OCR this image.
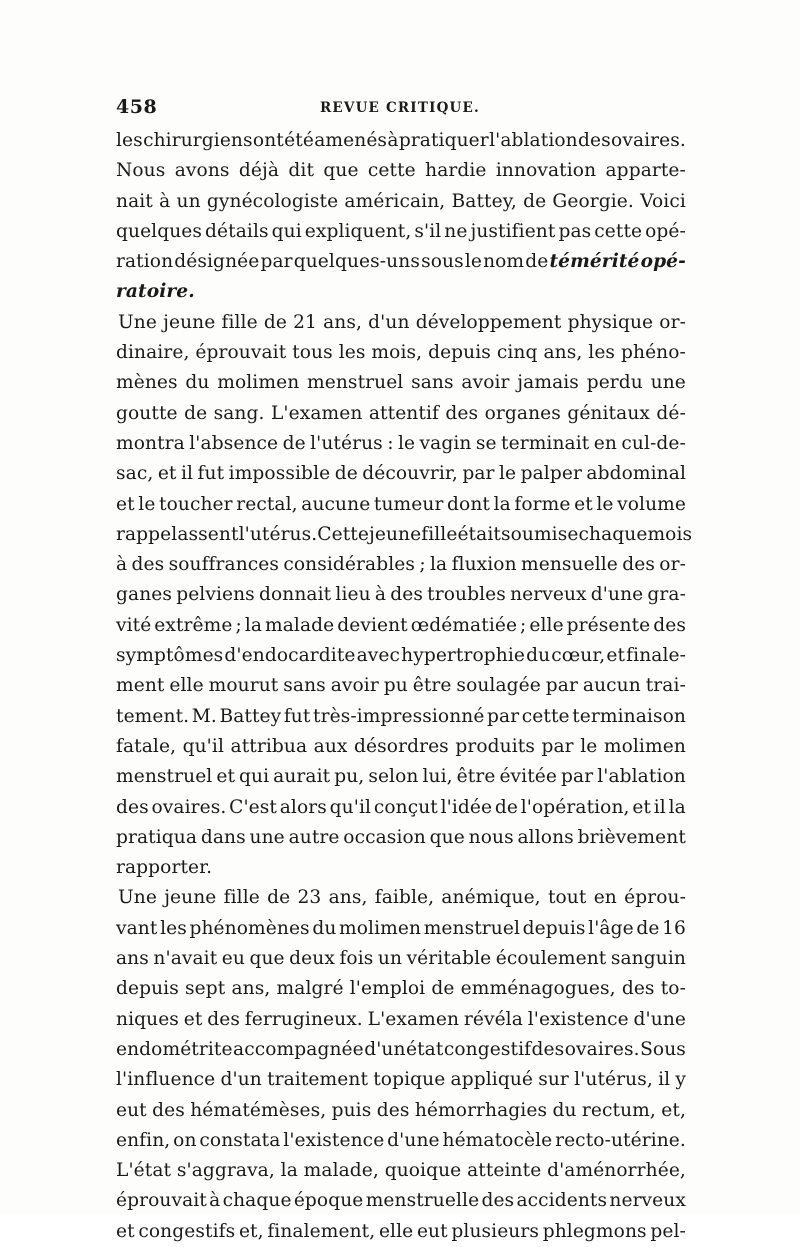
458	REVUE CRITIQUE.
les chirurgiens ont été amenés à pratiquer l'ablation des ovaires.
Nous avons déjà dit que cette hardie innovation apparte-
nait à un gynécologiste américain, Battey, de Georgie. Voici
quelques détails qui expliquent, s'il ne justifient pas cette opé-
ration désignée par quelques-uns sous le nom de témérité opé-
ratoire.
Une jeune fille de 21 ans, d'un développement physique or-
dinaire, éprouvait tous les mois, depuis cinq ans, les phéno-
mènes du molimen menstruel sans avoir jamais perdu une
goutte de sang. L'examen attentif des organes génitaux dé-
montra l'absence de l'utérus : le vagin se terminait en cul-de-
sac, et il fut impossible de découvrir, par le palper abdominal
et le toucher rectal, aucune tumeur dont la forme et le volume
rappelassent l'utérus. Cette jeune fille était soumise chaque mois
à des souffrances considérables ; la fluxion mensuelle des or-
ganes pelviens donnait lieu à des troubles nerveux d'une gra-
vité extrême ; la malade devient œdématiée ; elle présente des
symptômes d'endocardite avec hypertrophie du cœur, et finale-
ment elle mourut sans avoir pu être soulagée par aucun trai-
tement. M. Battey fut très-impressionné par cette terminaison
fatale, qu'il attribua aux désordres produits par le molimen
menstruel et qui aurait pu, selon lui, être évitée par l'ablation
des ovaires. C'est alors qu'il conçut l'idée de l'opération, et il la
pratiqua dans une autre occasion que nous allons brièvement
rapporter.
Une jeune fille de 23 ans, faible, anémique, tout en éprou-
vant les phénomènes du molimen menstruel depuis l'âge de 16
ans n'avait eu que deux fois un véritable écoulement sanguin
depuis sept ans, malgré l'emploi de emménagogues, des to-
niques et des ferrugineux. L'examen révéla l'existence d'une
endométrite accompagnée d'un état congestif des ovaires. Sous
l'influence d'un traitement topique appliqué sur l'utérus, il y
eut des hématémèses, puis des hémorrhagies du rectum, et,
enfin, on constata l'existence d'une hématocèle recto-utérine.
L'état s'aggrava, la malade, quoique atteinte d'aménorrhée,
éprouvait à chaque époque menstruelle des accidents nerveux
et congestifs et, finalement, elle eut plusieurs phlegmons pel-
